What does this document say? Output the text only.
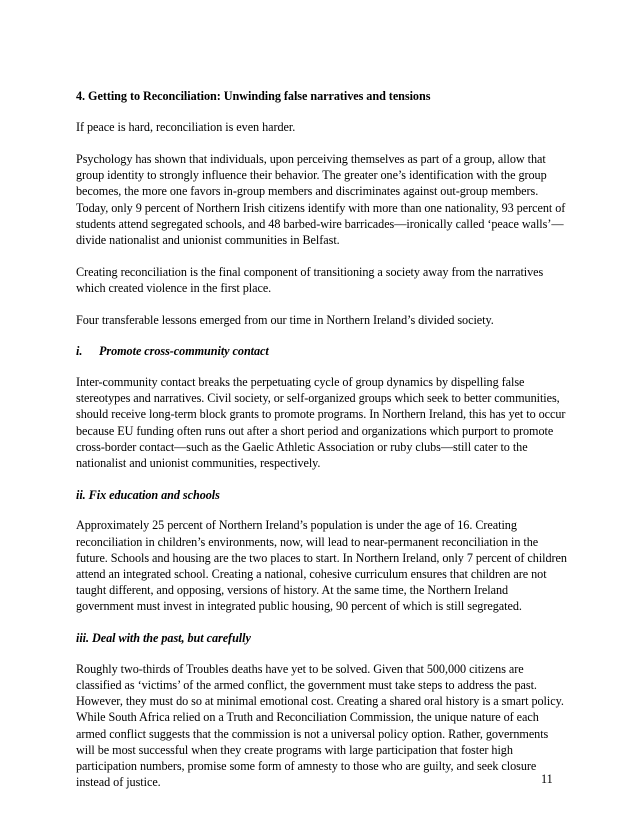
4. Getting to Reconciliation: Unwinding false narratives and tensions

If peace is hard, reconciliation is even harder.

Psychology has shown that individuals, upon perceiving themselves as part of a group, allow that group identity to strongly influence their behavior. The greater one’s identification with the group becomes, the more one favors in-group members and discriminates against out-group members. Today, only 9 percent of Northern Irish citizens identify with more than one nationality, 93 percent of students attend segregated schools, and 48 barbed-wire barricades—ironically called ‘peace walls’—divide nationalist and unionist communities in Belfast.

Creating reconciliation is the final component of transitioning a society away from the narratives which created violence in the first place.

Four transferable lessons emerged from our time in Northern Ireland’s divided society.

i. Promote cross-community contact

Inter-community contact breaks the perpetuating cycle of group dynamics by dispelling false stereotypes and narratives. Civil society, or self-organized groups which seek to better communities, should receive long-term block grants to promote programs. In Northern Ireland, this has yet to occur because EU funding often runs out after a short period and organizations which purport to promote cross-border contact—such as the Gaelic Athletic Association or ruby clubs—still cater to the nationalist and unionist communities, respectively.

ii. Fix education and schools

Approximately 25 percent of Northern Ireland’s population is under the age of 16. Creating reconciliation in children’s environments, now, will lead to near-permanent reconciliation in the future. Schools and housing are the two places to start. In Northern Ireland, only 7 percent of children attend an integrated school. Creating a national, cohesive curriculum ensures that children are not taught different, and opposing, versions of history. At the same time, the Northern Ireland government must invest in integrated public housing, 90 percent of which is still segregated.

iii. Deal with the past, but carefully

Roughly two-thirds of Troubles deaths have yet to be solved. Given that 500,000 citizens are classified as ‘victims’ of the armed conflict, the government must take steps to address the past. However, they must do so at minimal emotional cost. Creating a shared oral history is a smart policy. While South Africa relied on a Truth and Reconciliation Commission, the unique nature of each armed conflict suggests that the commission is not a universal policy option. Rather, governments will be most successful when they create programs with large participation that foster high participation numbers, promise some form of amnesty to those who are guilty, and seek closure instead of justice.	11
